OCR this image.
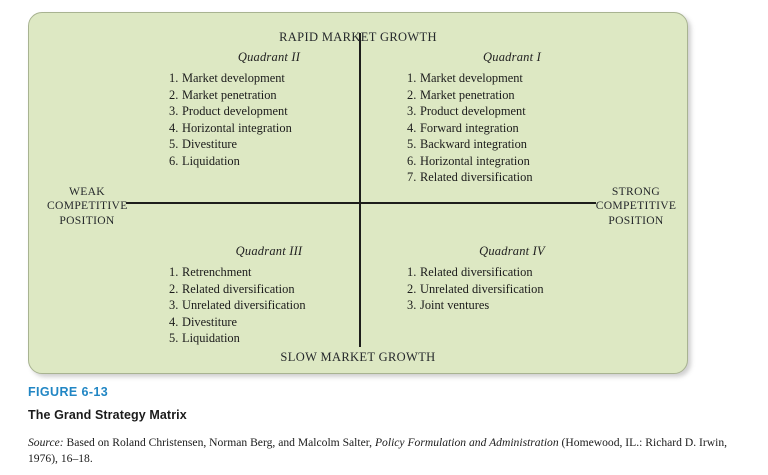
RAPID MARKET GROWTH
SLOW MARKET GROWTH
WEAK
COMPETITIVE
POSITION
STRONG
COMPETITIVE
POSITION
Quadrant II
1. Market development
2. Market penetration
3. Product development
4. Horizontal integration
5. Divestiture
6. Liquidation
Quadrant I
1. Market development
2. Market penetration
3. Product development
4. Forward integration
5. Backward integration
6. Horizontal integration
7. Related diversification
Quadrant III
1. Retrenchment
2. Related diversification
3. Unrelated diversification
4. Divestiture
5. Liquidation
Quadrant IV
1. Related diversification
2. Unrelated diversification
3. Joint ventures
FIGURE 6-13
The Grand Strategy Matrix

Source: Based on Roland Christensen, Norman Berg, and Malcolm Salter, Policy Formulation and Administration (Homewood, IL.: Richard D. Irwin, 1976), 16–18.
